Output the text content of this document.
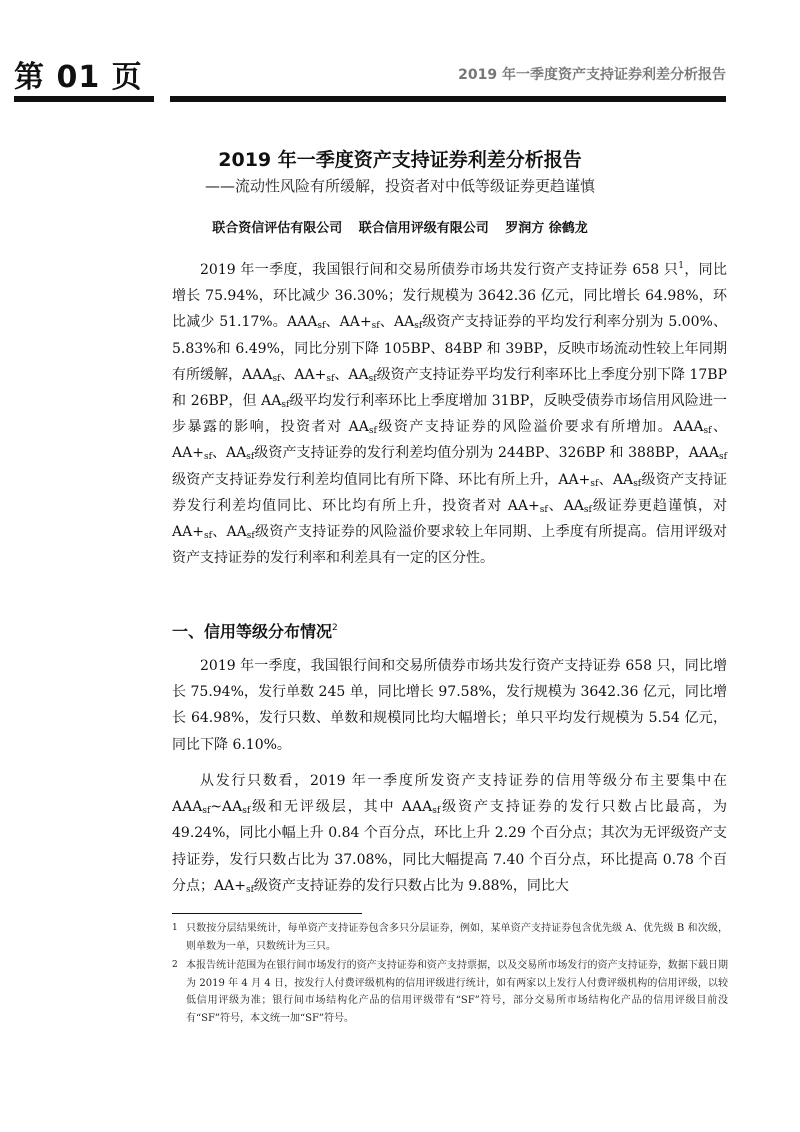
第 01 页	2019 年一季度资产支持证券利差分析报告
2019 年一季度资产支持证券利差分析报告
——流动性风险有所缓解，投资者对中低等级证券更趋谨慎
联合资信评估有限公司 联合信用评级有限公司 罗润方 徐鹤龙

2019 年一季度，我国银行间和交易所债券市场共发行资产支持证券 658 只$^1$，同比增长 75.94%，环比减少 36.30%；发行规模为 3642.36 亿元，同比增长 64.98%，环比减少 51.17%。$AAA_{sf}$、$AA+_{sf}$、$AA_{sf}$级资产支持证券的平均发行利率分别为 5.00%、5.83%和 6.49%，同比分别下降 105BP、84BP 和 39BP，反映市场流动性较上年同期有所缓解，$AAA_{sf}$、$AA+_{sf}$、$AA_{sf}$级资产支持证券平均发行利率环比上季度分别下降 17BP 和 26BP，但 $AA_{sf}$级平均发行利率环比上季度增加 31BP，反映受债券市场信用风险进一步暴露的影响，投资者对 $AA_{sf}$级资产支持证券的风险溢价要求有所增加。$AAA_{sf}$、$AA+_{sf}$、$AA_{sf}$级资产支持证券的发行利差均值分别为 244BP、326BP 和 388BP，$AAA_{sf}$级资产支持证券发行利差均值同比有所下降、环比有所上升，$AA+_{sf}$、$AA_{sf}$级资产支持证券发行利差均值同比、环比均有所上升，投资者对 $AA+_{sf}$、$AA_{sf}$级证券更趋谨慎，对 $AA+_{sf}$、$AA_{sf}$级资产支持证券的风险溢价要求较上年同期、上季度有所提高。信用评级对资产支持证券的发行利率和利差具有一定的区分性。

一、信用等级分布情况$^2$

2019 年一季度，我国银行间和交易所债券市场共发行资产支持证券 658 只，同比增长 75.94%，发行单数 245 单，同比增长 97.58%，发行规模为 3642.36 亿元，同比增长 64.98%，发行只数、单数和规模同比均大幅增长；单只平均发行规模为 5.54 亿元，同比下降 6.10%。

从发行只数看，2019 年一季度所发资产支持证券的信用等级分布主要集中在 $AAA_{sf}\sim AA_{sf}$级和无评级层，其中 $AAA_{sf}$级资产支持证券的发行只数占比最高，为 49.24%，同比小幅上升 0.84 个百分点，环比上升 2.29 个百分点；其次为无评级资产支持证券，发行只数占比为 37.08%，同比大幅提高 7.40 个百分点，环比提高 0.78 个百分点；$AA+_{sf}$级资产支持证券的发行只数占比为 9.88%，同比大

1 只数按分层结果统计，每单资产支持证券包含多只分层证券，例如，某单资产支持证券包含优先级 A、优先级 B 和次级，则单数为一单，只数统计为三只。
2 本报告统计范围为在银行间市场发行的资产支持证券和资产支持票据，以及交易所市场发行的资产支持证券，数据下载日期为 2019 年 4 月 4 日，按发行人付费评级机构的信用评级进行统计，如有两家以上发行人付费评级机构的信用评级，以较低信用评级为准；银行间市场结构化产品的信用评级带有“SF”符号，部分交易所市场结构化产品的信用评级目前没有“SF”符号，本文统一加“SF”符号。
